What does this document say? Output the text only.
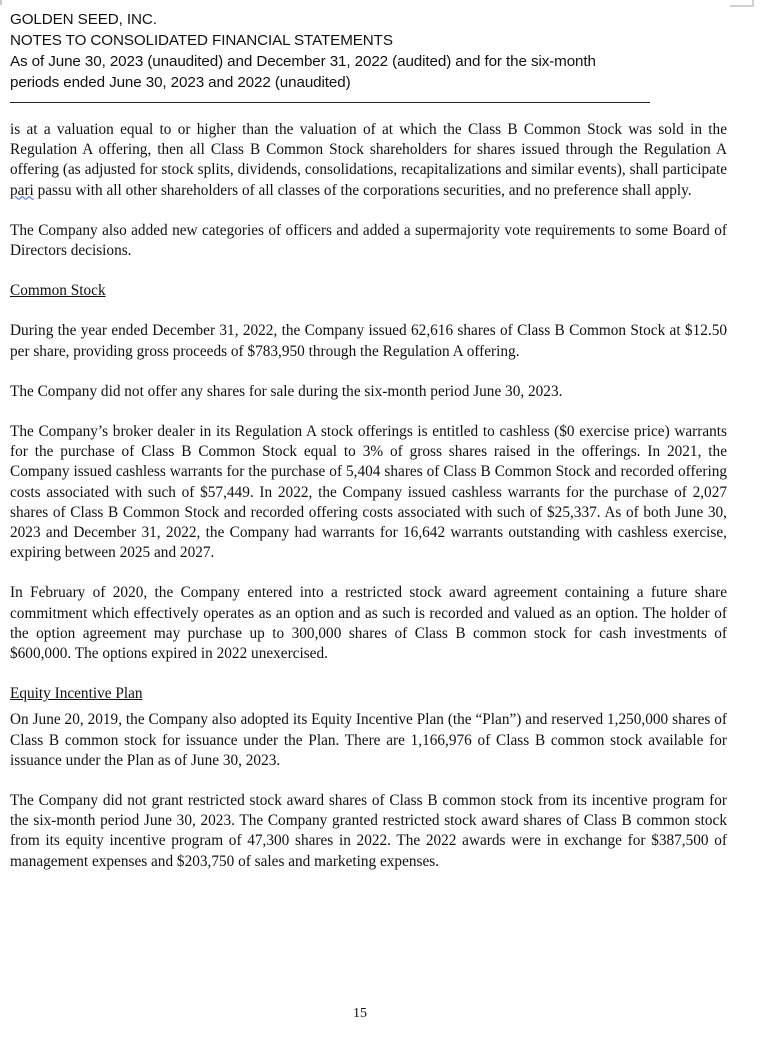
GOLDEN SEED, INC.
NOTES TO CONSOLIDATED FINANCIAL STATEMENTS
As of June 30, 2023 (unaudited) and December 31, 2022 (audited) and for the six-month
periods ended June 30, 2023 and 2022 (unaudited)

is at a valuation equal to or higher than the valuation of at which the Class B Common Stock was sold in the Regulation A offering, then all Class B Common Stock shareholders for shares issued through the Regulation A offering (as adjusted for stock splits, dividends, consolidations, recapitalizations and similar events), shall participate pari passu with all other shareholders of all classes of the corporations securities, and no preference shall apply.

The Company also added new categories of officers and added a supermajority vote requirements to some Board of Directors decisions.

Common Stock

During the year ended December 31, 2022, the Company issued 62,616 shares of Class B Common Stock at $12.50 per share, providing gross proceeds of $783,950 through the Regulation A offering.

The Company did not offer any shares for sale during the six-month period June 30, 2023.

The Company’s broker dealer in its Regulation A stock offerings is entitled to cashless ($0 exercise price) warrants for the purchase of Class B Common Stock equal to 3% of gross shares raised in the offerings. In 2021, the Company issued cashless warrants for the purchase of 5,404 shares of Class B Common Stock and recorded offering costs associated with such of $57,449. In 2022, the Company issued cashless warrants for the purchase of 2,027 shares of Class B Common Stock and recorded offering costs associated with such of $25,337. As of both June 30, 2023 and December 31, 2022, the Company had warrants for 16,642 warrants outstanding with cashless exercise, expiring between 2025 and 2027.

In February of 2020, the Company entered into a restricted stock award agreement containing a future share commitment which effectively operates as an option and as such is recorded and valued as an option. The holder of the option agreement may purchase up to 300,000 shares of Class B common stock for cash investments of $600,000. The options expired in 2022 unexercised.

Equity Incentive Plan

On June 20, 2019, the Company also adopted its Equity Incentive Plan (the “Plan”) and reserved 1,250,000 shares of Class B common stock for issuance under the Plan. There are 1,166,976 of Class B common stock available for issuance under the Plan as of June 30, 2023.

The Company did not grant restricted stock award shares of Class B common stock from its incentive program for the six-month period June 30, 2023. The Company granted restricted stock award shares of Class B common stock from its equity incentive program of 47,300 shares in 2022. The 2022 awards were in exchange for $387,500 of management expenses and $203,750 of sales and marketing expenses.

15
